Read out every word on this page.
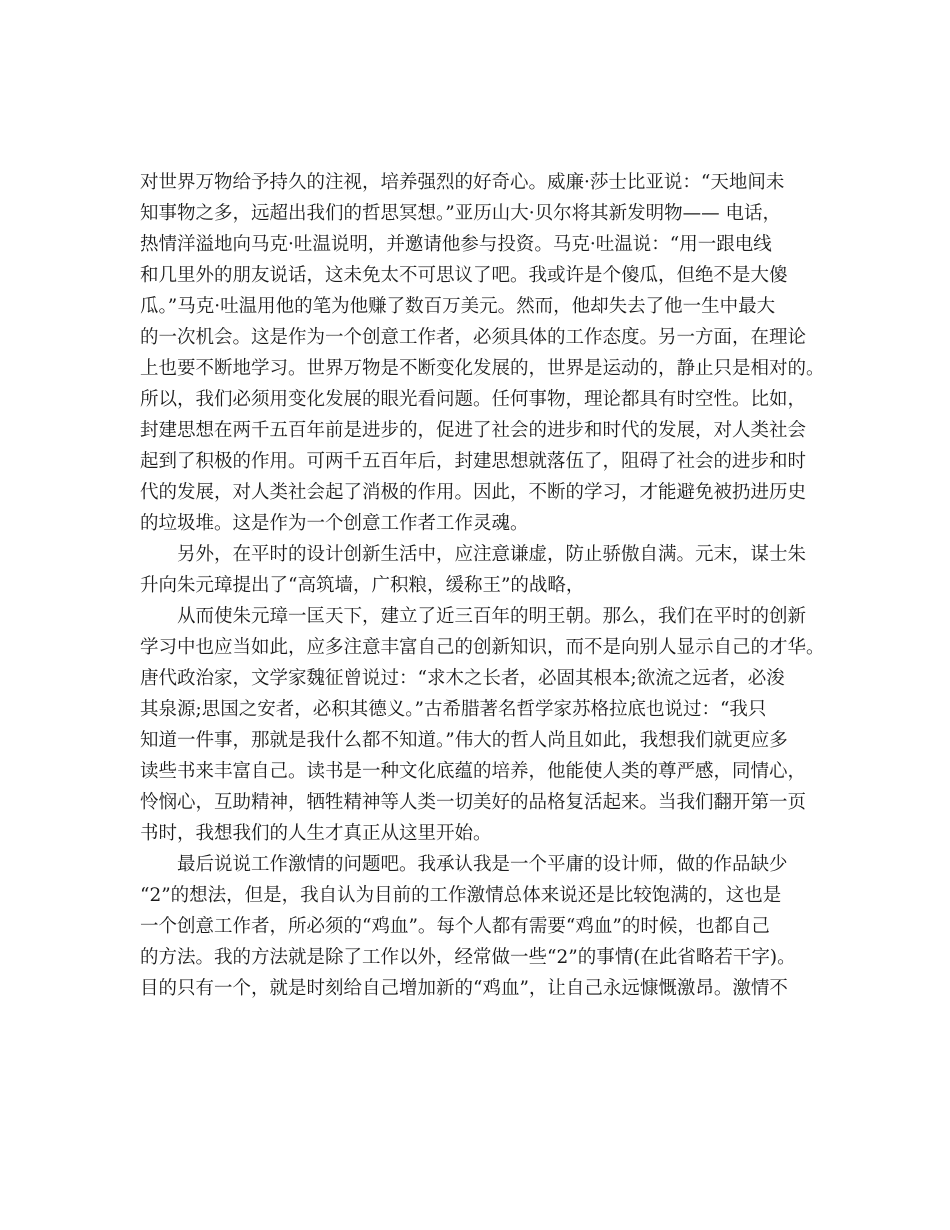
对世界万物给予持久的注视，培养强烈的好奇心。威廉·莎士比亚说：“天地间未
知事物之多，远超出我们的哲思冥想。”亚历山大·贝尔将其新发明物—— 电话，
热情洋溢地向马克·吐温说明，并邀请他参与投资。马克·吐温说：“用一跟电线
和几里外的朋友说话，这未免太不可思议了吧。我或许是个傻瓜，但绝不是大傻
瓜。”马克·吐温用他的笔为他赚了数百万美元。然而，他却失去了他一生中最大
的一次机会。这是作为一个创意工作者，必须具体的工作态度。另一方面，在理论
上也要不断地学习。世界万物是不断变化发展的，世界是运动的，静止只是相对的。
所以，我们必须用变化发展的眼光看问题。任何事物，理论都具有时空性。比如，
封建思想在两千五百年前是进步的，促进了社会的进步和时代的发展，对人类社会
起到了积极的作用。可两千五百年后，封建思想就落伍了，阻碍了社会的进步和时
代的发展，对人类社会起了消极的作用。因此，不断的学习，才能避免被扔进历史
的垃圾堆。这是作为一个创意工作者工作灵魂。
　　另外，在平时的设计创新生活中，应注意谦虚，防止骄傲自满。元末，谋士朱
升向朱元璋提出了“高筑墙，广积粮，缓称王”的战略，
　　从而使朱元璋一匡天下，建立了近三百年的明王朝。那么，我们在平时的创新
学习中也应当如此，应多注意丰富自己的创新知识，而不是向别人显示自己的才华。
唐代政治家，文学家魏征曾说过：“求木之长者，必固其根本;欲流之远者，必浚
其泉源;思国之安者，必积其德义。”古希腊著名哲学家苏格拉底也说过：“我只
知道一件事，那就是我什么都不知道。”伟大的哲人尚且如此，我想我们就更应多
读些书来丰富自己。读书是一种文化底蕴的培养，他能使人类的尊严感，同情心，
怜悯心，互助精神，牺牲精神等人类一切美好的品格复活起来。当我们翻开第一页
书时，我想我们的人生才真正从这里开始。
　　最后说说工作激情的问题吧。我承认我是一个平庸的设计师，做的作品缺少
“2”的想法，但是，我自认为目前的工作激情总体来说还是比较饱满的，这也是
一个创意工作者，所必须的“鸡血”。每个人都有需要“鸡血”的时候，也都自己
的方法。我的方法就是除了工作以外，经常做一些“2”的事情(在此省略若干字)。
目的只有一个，就是时刻给自己增加新的“鸡血”，让自己永远慷慨激昂。激情不
